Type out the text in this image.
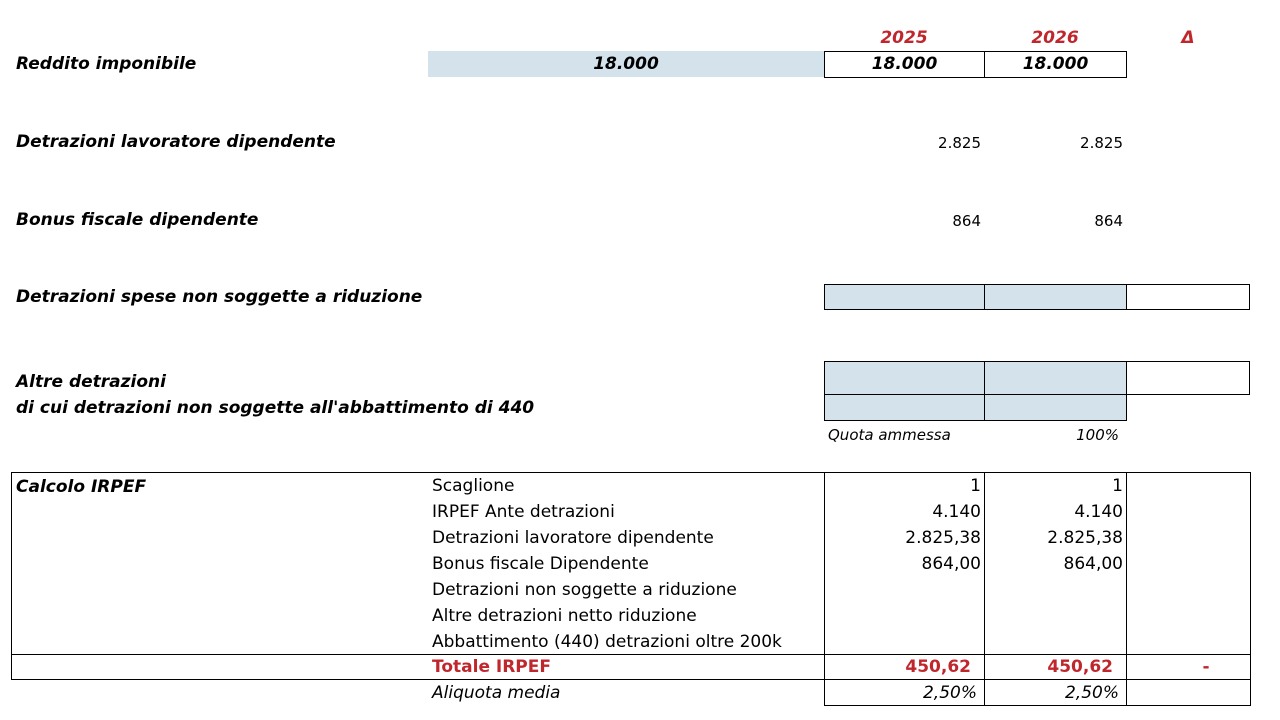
2025	2026	Δ
Reddito imponibile	18.000	18.000	18.000
Detrazioni lavoratore dipendente	2.825	2.825
Bonus fiscale dipendente	864	864
Detrazioni spese non soggette a riduzione
Altre detrazioni
di cui detrazioni non soggette all'abbattimento di 440
Quota ammessa	100%
Calcolo IRPEF	Scaglione	1	1
IRPEF Ante detrazioni	4.140	4.140
Detrazioni lavoratore dipendente	2.825,38	2.825,38
Bonus fiscale Dipendente	864,00	864,00
Detrazioni non soggette a riduzione
Altre detrazioni netto riduzione
Abbattimento (440) detrazioni oltre 200k
Totale IRPEF	450,62	450,62	-
Aliquota media	2,50%	2,50%
